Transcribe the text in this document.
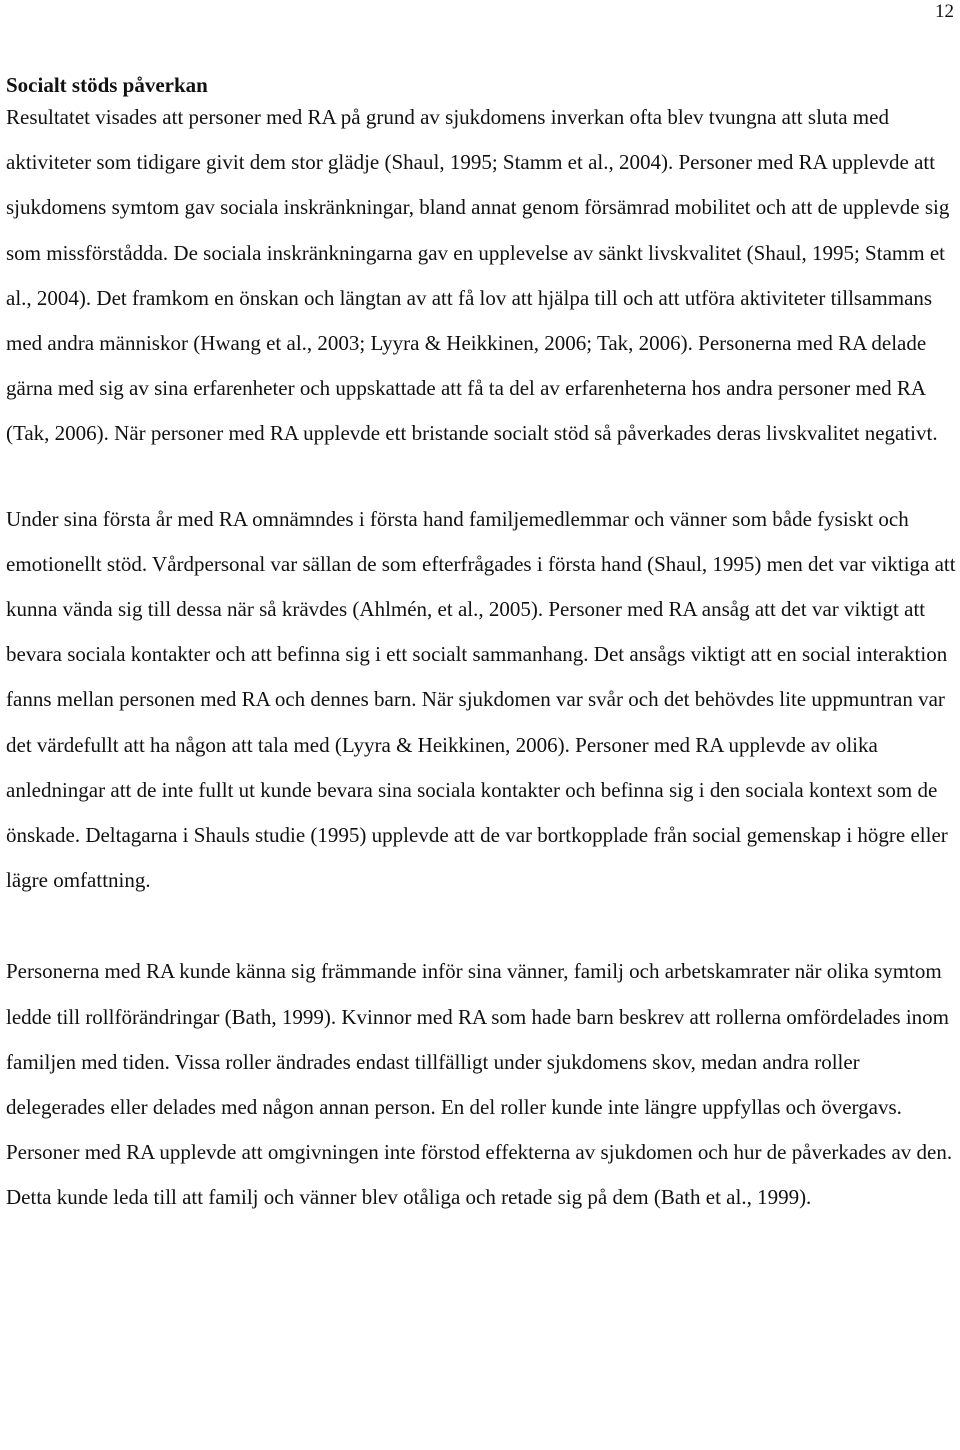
12
Socialt stöds påverkan

Resultatet visades att personer med RA på grund av sjukdomens inverkan ofta blev tvungna att sluta med aktiviteter som tidigare givit dem stor glädje (Shaul, 1995; Stamm et al., 2004). Personer med RA upplevde att sjukdomens symtom gav sociala inskränkningar, bland annat genom försämrad mobilitet och att de upplevde sig som missförstådda. De sociala inskränkningarna gav en upplevelse av sänkt livskvalitet (Shaul, 1995; Stamm et al., 2004). Det framkom en önskan och längtan av att få lov att hjälpa till och att utföra aktiviteter tillsammans med andra människor (Hwang et al., 2003; Lyyra & Heikkinen, 2006; Tak, 2006). Personerna med RA delade gärna med sig av sina erfarenheter och uppskattade att få ta del av erfarenheterna hos andra personer med RA (Tak, 2006). När personer med RA upplevde ett bristande socialt stöd så påverkades deras livskvalitet negativt.

Under sina första år med RA omnämndes i första hand familjemedlemmar och vänner som både fysiskt och emotionellt stöd. Vårdpersonal var sällan de som efterfrågades i första hand (Shaul, 1995) men det var viktiga att kunna vända sig till dessa när så krävdes (Ahlmén, et al., 2005). Personer med RA ansåg att det var viktigt att bevara sociala kontakter och att befinna sig i ett socialt sammanhang. Det ansågs viktigt att en social interaktion fanns mellan personen med RA och dennes barn. När sjukdomen var svår och det behövdes lite uppmuntran var det värdefullt att ha någon att tala med (Lyyra & Heikkinen, 2006). Personer med RA upplevde av olika anledningar att de inte fullt ut kunde bevara sina sociala kontakter och befinna sig i den sociala kontext som de önskade. Deltagarna i Shauls studie (1995) upplevde att de var bortkopplade från social gemenskap i högre eller lägre omfattning.

Personerna med RA kunde känna sig främmande inför sina vänner, familj och arbetskamrater när olika symtom ledde till rollförändringar (Bath, 1999). Kvinnor med RA som hade barn beskrev att rollerna omfördelades inom familjen med tiden. Vissa roller ändrades endast tillfälligt under sjukdomens skov, medan andra roller delegerades eller delades med någon annan person. En del roller kunde inte längre uppfyllas och övergavs. Personer med RA upplevde att omgivningen inte förstod effekterna av sjukdomen och hur de påverkades av den. Detta kunde leda till att familj och vänner blev otåliga och retade sig på dem (Bath et al., 1999).
